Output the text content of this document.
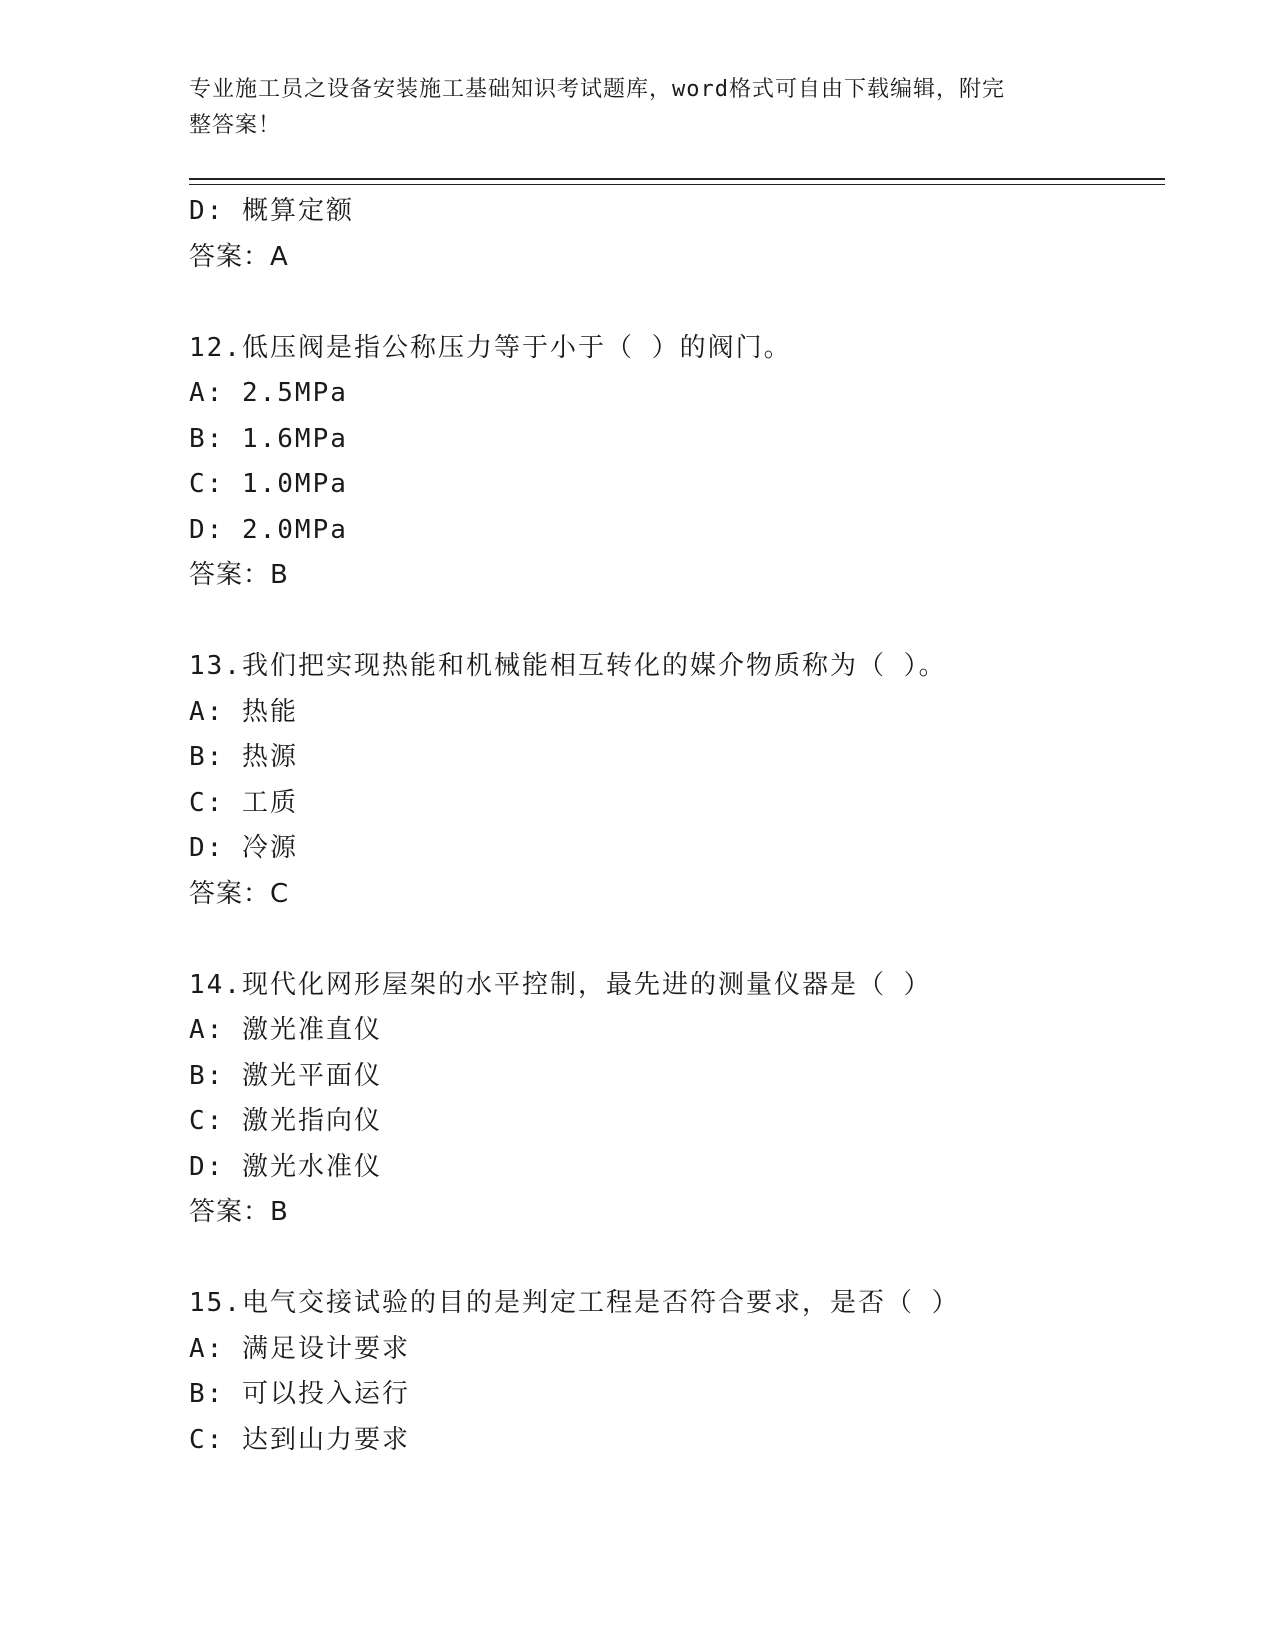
专业施工员之设备安装施工基础知识考试题库，word格式可自由下载编辑，附完
整答案！
D: 概算定额
答案：A
12.低压阀是指公称压力等于小于（ ）的阀门。
A: 2.5MPa
B: 1.6MPa
C: 1.0MPa
D: 2.0MPa
答案：B
13.我们把实现热能和机械能相互转化的媒介物质称为（ ）。
A: 热能
B: 热源
C: 工质
D: 冷源
答案：C
14.现代化网形屋架的水平控制，最先进的测量仪器是（ ）
A: 激光准直仪
B: 激光平面仪
C: 激光指向仪
D: 激光水准仪
答案：B
15.电气交接试验的目的是判定工程是否符合要求，是否（ ）
A: 满足设计要求
B: 可以投入运行
C: 达到山力要求
